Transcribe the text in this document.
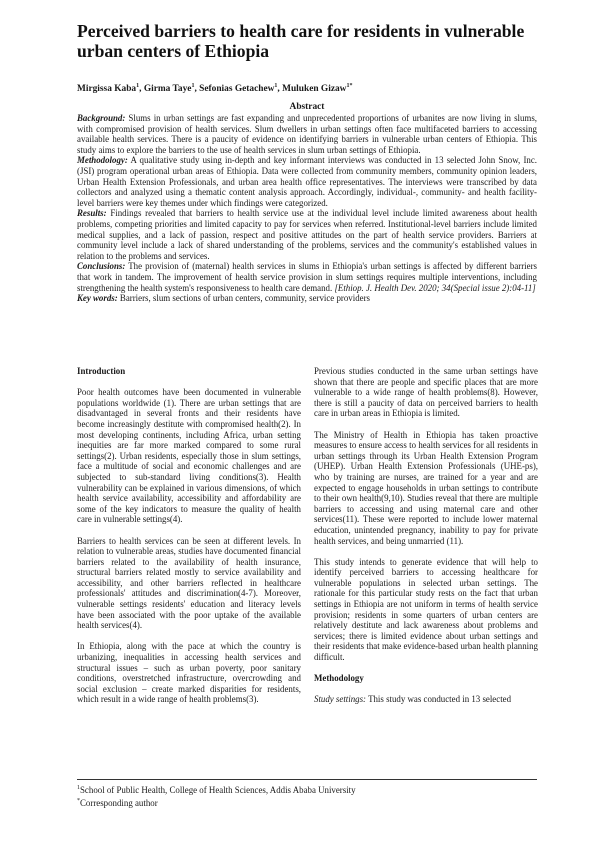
Perceived barriers to health care for residents in vulnerable urban centers of Ethiopia
Mirgissa Kaba$^1$, Girma Taye$^1$, Sefonias Getachew$^1$, Muluken Gizaw$^{1*}$
Abstract

Background: Slums in urban settings are fast expanding and unprecedented proportions of urbanites are now living in slums, with compromised provision of health services. Slum dwellers in urban settings often face multifaceted barriers to accessing available health services. There is a paucity of evidence on identifying barriers in vulnerable urban centers of Ethiopia. This study aims to explore the barriers to the use of health services in slum urban settings of Ethiopia.

Methodology: A qualitative study using in-depth and key informant interviews was conducted in 13 selected John Snow, Inc. (JSI) program operational urban areas of Ethiopia. Data were collected from community members, community opinion leaders, Urban Health Extension Professionals, and urban area health office representatives. The interviews were transcribed by data collectors and analyzed using a thematic content analysis approach. Accordingly, individual-, community- and health facility-level barriers were key themes under which findings were categorized.

Results: Findings revealed that barriers to health service use at the individual level include limited awareness about health problems, competing priorities and limited capacity to pay for services when referred. Institutional-level barriers include limited medical supplies, and a lack of passion, respect and positive attitudes on the part of health service providers. Barriers at community level include a lack of shared understanding of the problems, services and the community's established values in relation to the problems and services.

Conclusions: The provision of (maternal) health services in slums in Ethiopia's urban settings is affected by different barriers that work in tandem. The improvement of health service provision in slum settings requires multiple interventions, including strengthening the health system's responsiveness to health care demand. [Ethiop. J. Health Dev. 2020; 34(Special issue 2):04-11]

Key words: Barriers, slum sections of urban centers, community, service providers

Introduction

Poor health outcomes have been documented in vulnerable populations worldwide (1). There are urban settings that are disadvantaged in several fronts and their residents have become increasingly destitute with compromised health(2). In most developing continents, including Africa, urban setting inequities are far more marked compared to some rural settings(2). Urban residents, especially those in slum settings, face a multitude of social and economic challenges and are subjected to sub-standard living conditions(3). Health vulnerability can be explained in various dimensions, of which health service availability, accessibility and affordability are some of the key indicators to measure the quality of health care in vulnerable settings(4).

Barriers to health services can be seen at different levels. In relation to vulnerable areas, studies have documented financial barriers related to the availability of health insurance, structural barriers related mostly to service availability and accessibility, and other barriers reflected in healthcare professionals' attitudes and discrimination(4-7). Moreover, vulnerable settings residents' education and literacy levels have been associated with the poor uptake of the available health services(4).

In Ethiopia, along with the pace at which the country is urbanizing, inequalities in accessing health services and structural issues – such as urban poverty, poor sanitary conditions, overstretched infrastructure, overcrowding and social exclusion – create marked disparities for residents, which result in a wide range of health problems(3).

Previous studies conducted in the same urban settings have shown that there are people and specific places that are more vulnerable to a wide range of health problems(8). However, there is still a paucity of data on perceived barriers to health care in urban areas in Ethiopia is limited.

The Ministry of Health in Ethiopia has taken proactive measures to ensure access to health services for all residents in urban settings through its Urban Health Extension Program (UHEP). Urban Health Extension Professionals (UHE-ps), who by training are nurses, are trained for a year and are expected to engage households in urban settings to contribute to their own health(9,10). Studies reveal that there are multiple barriers to accessing and using maternal care and other services(11). These were reported to include lower maternal education, unintended pregnancy, inability to pay for private health services, and being unmarried (11).

This study intends to generate evidence that will help to identify perceived barriers to accessing healthcare for vulnerable populations in selected urban settings. The rationale for this particular study rests on the fact that urban settings in Ethiopia are not uniform in terms of health service provision; residents in some quarters of urban centers are relatively destitute and lack awareness about problems and services; there is limited evidence about urban settings and their residents that make evidence-based urban health planning difficult.

Methodology

Study settings: This study was conducted in 13 selected

$^1$School of Public Health, College of Health Sciences, Addis Ababa University

*Corresponding author
